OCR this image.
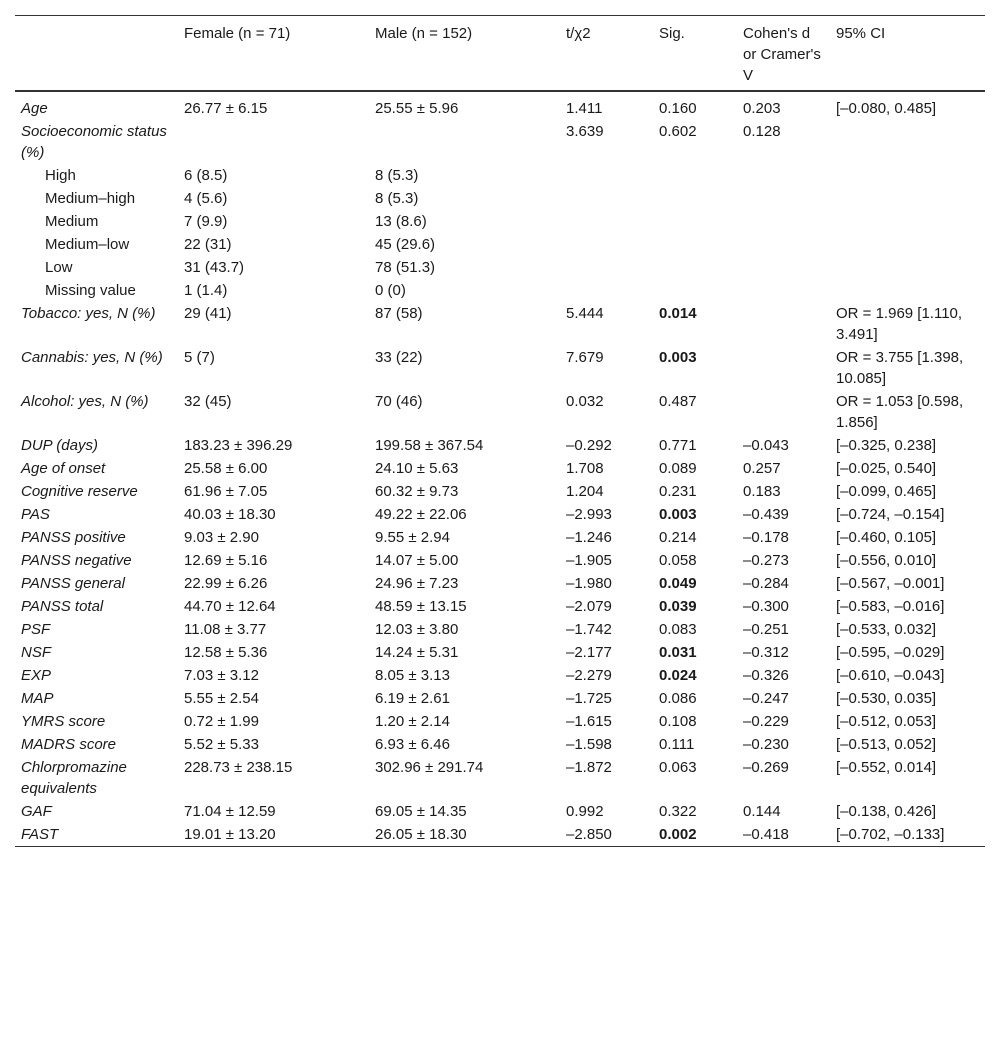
	Female (n = 71)	Male (n = 152)	t/χ2	Sig.	Cohen's d or Cramer's V	95% CI
Age	26.77 ± 6.15	25.55 ± 5.96	1.411	0.160	0.203	[–0.080, 0.485]
Socioeconomic status (%)			3.639	0.602	0.128	
High	6 (8.5)	8 (5.3)				
Medium–high	4 (5.6)	8 (5.3)				
Medium	7 (9.9)	13 (8.6)				
Medium–low	22 (31)	45 (29.6)				
Low	31 (43.7)	78 (51.3)				
Missing value	1 (1.4)	0 (0)				
Tobacco: yes, N (%)	29 (41)	87 (58)	5.444	0.014		OR = 1.969 [1.110, 3.491]
Cannabis: yes, N (%)	5 (7)	33 (22)	7.679	0.003		OR = 3.755 [1.398, 10.085]
Alcohol: yes, N (%)	32 (45)	70 (46)	0.032	0.487		OR = 1.053 [0.598, 1.856]
DUP (days)	183.23 ± 396.29	199.58 ± 367.54	–0.292	0.771	–0.043	[–0.325, 0.238]
Age of onset	25.58 ± 6.00	24.10 ± 5.63	1.708	0.089	0.257	[–0.025, 0.540]
Cognitive reserve	61.96 ± 7.05	60.32 ± 9.73	1.204	0.231	0.183	[–0.099, 0.465]
PAS	40.03 ± 18.30	49.22 ± 22.06	–2.993	0.003	–0.439	[–0.724, –0.154]
PANSS positive	9.03 ± 2.90	9.55 ± 2.94	–1.246	0.214	–0.178	[–0.460, 0.105]
PANSS negative	12.69 ± 5.16	14.07 ± 5.00	–1.905	0.058	–0.273	[–0.556, 0.010]
PANSS general	22.99 ± 6.26	24.96 ± 7.23	–1.980	0.049	–0.284	[–0.567, –0.001]
PANSS total	44.70 ± 12.64	48.59 ± 13.15	–2.079	0.039	–0.300	[–0.583, –0.016]
PSF	11.08 ± 3.77	12.03 ± 3.80	–1.742	0.083	–0.251	[–0.533, 0.032]
NSF	12.58 ± 5.36	14.24 ± 5.31	–2.177	0.031	–0.312	[–0.595, –0.029]
EXP	7.03 ± 3.12	8.05 ± 3.13	–2.279	0.024	–0.326	[–0.610, –0.043]
MAP	5.55 ± 2.54	6.19 ± 2.61	–1.725	0.086	–0.247	[–0.530, 0.035]
YMRS score	0.72 ± 1.99	1.20 ± 2.14	–1.615	0.108	–0.229	[–0.512, 0.053]
MADRS score	5.52 ± 5.33	6.93 ± 6.46	–1.598	0.111	–0.230	[–0.513, 0.052]
Chlorpromazine equivalents	228.73 ± 238.15	302.96 ± 291.74	–1.872	0.063	–0.269	[–0.552, 0.014]
GAF	71.04 ± 12.59	69.05 ± 14.35	0.992	0.322	0.144	[–0.138, 0.426]
FAST	19.01 ± 13.20	26.05 ± 18.30	–2.850	0.002	–0.418	[–0.702, –0.133]
